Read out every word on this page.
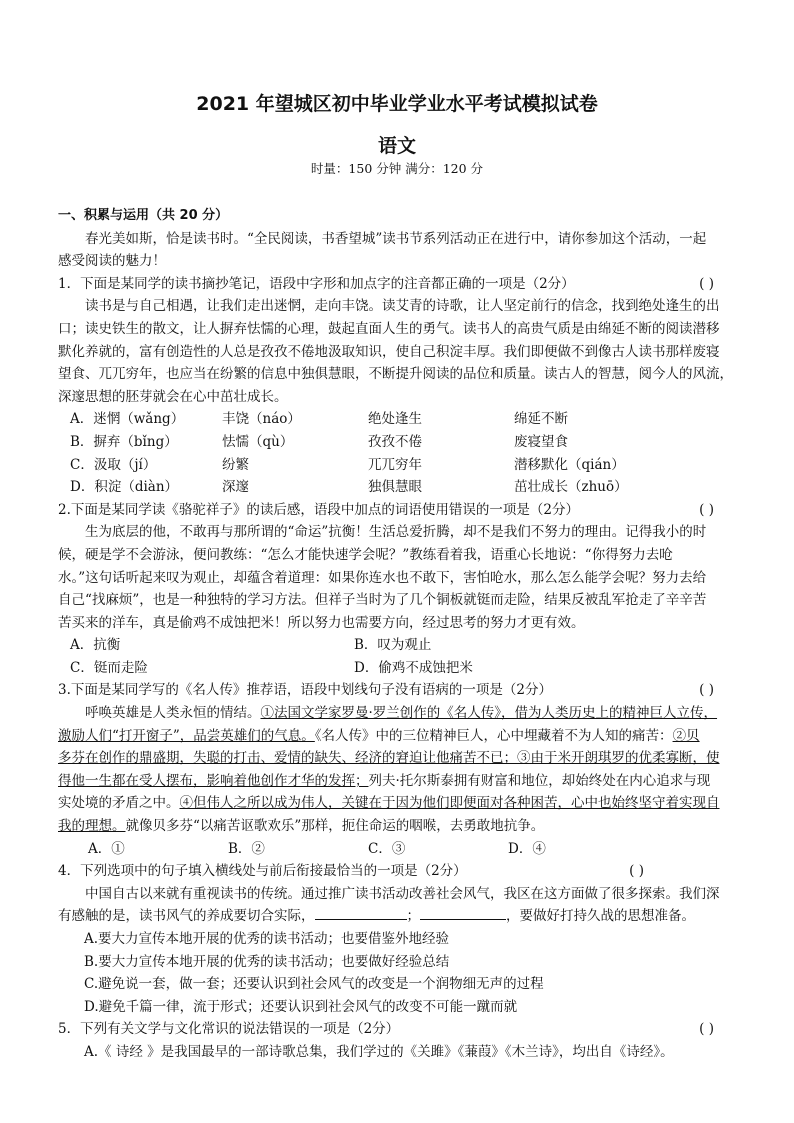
2021 年望城区初中毕业学业水平考试模拟试卷
语文
时量：150 分钟 满分：120 分
一、积累与运用（共 20 分）
春光美如斯，恰是读书时。“全民阅读，书香望城”读书节系列活动正在进行中，请你参加这个活动，一起
感受阅读的魅力！
1．下面是某同学的读书摘抄笔记，语段中字形和加点字的注音都正确的一项是（2分）	( )
读书是与自己相遇，让我们走出迷惘，走向丰饶。读艾青的诗歌，让人坚定前行的信念，找到绝处逢生的出
口；读史铁生的散文，让人摒弃怯懦的心理，鼓起直面人生的勇气。读书人的高贵气质是由绵延不断的阅读潜移
默化养就的，富有创造性的人总是孜孜不倦地汲取知识，使自己积淀丰厚。我们即便做不到像古人读书那样废寝
望食、兀兀穷年，也应当在纷繁的信息中独俱慧眼，不断提升阅读的品位和质量。读古人的智慧，阅今人的风流，
深邃思想的胚芽就会在心中茁壮成长。
A．迷惘（wǎng）	丰饶（náo）	绝处逢生	绵延不断
B．摒弃（bǐng）	怯懦（qù）	孜孜不倦	废寝望食
C．汲取（jí）	纷繁	兀兀穷年	潜移默化（qián）
D．积淀（diàn）	深邃	独俱慧眼	茁壮成长（zhuō）
2.下面是某同学读《骆驼祥子》的读后感，语段中加点的词语使用错误的一项是（2分）	( )
生为底层的他，不敢再与那所谓的“命运”抗衡！生活总爱折腾，却不是我们不努力的理由。记得我小的时
候，硬是学不会游泳，便问教练：“怎么才能快速学会呢？”教练看着我，语重心长地说：“你得努力去呛
水。”这句话听起来叹为观止，却蕴含着道理：如果你连水也不敢下，害怕呛水，那么怎么能学会呢？努力去给
自己“找麻烦”，也是一种独特的学习方法。但祥子当时为了几个铜板就铤而走险，结果反被乱军抢走了辛辛苦
苦买来的洋车，真是偷鸡不成蚀把米！所以努力也需要方向，经过思考的努力才更有效。
A．抗衡	B．叹为观止
C．铤而走险	D．偷鸡不成蚀把米
3.下面是某同学写的《名人传》推荐语，语段中划线句子没有语病的一项是（2分）	( )
呼唤英雄是人类永恒的情结。①法国文学家罗曼·罗兰创作的《名人传》，借为人类历史上的精神巨人立传，
激励人们“打开窗子”，品尝英雄们的气息。《名人传》中的三位精神巨人，心中埋藏着不为人知的痛苦：②贝
多芬在创作的鼎盛期，失聪的打击、爱情的缺失、经济的窘迫让他痛苦不已；③由于米开朗琪罗的优柔寡断，使
得他一生都在受人摆布，影响着他创作才华的发挥；列夫·托尔斯泰拥有财富和地位，却始终处在内心追求与现
实处境的矛盾之中。④但伟人之所以成为伟人，关键在于因为他们即便面对各种困苦，心中也始终坚守着实现自
我的理想。就像贝多芬“以痛苦讴歌欢乐”那样，扼住命运的咽喉，去勇敢地抗争。
A．①	B．②	C．③	D．④
4．下列选项中的句子填入横线处与前后衔接最恰当的一项是（2分）	( )
中国自古以来就有重视读书的传统。通过推广读书活动改善社会风气，我区在这方面做了很多探索。我们深
有感触的是，读书风气的养成要切合实际，	；	，要做好打持久战的思想准备。
A.要大力宣传本地开展的优秀的读书活动；也要借鉴外地经验
B.要大力宣传本地开展的优秀的读书活动；也要做好经验总结
C.避免说一套，做一套；还要认识到社会风气的改变是一个润物细无声的过程
D.避免千篇一律，流于形式；还要认识到社会风气的改变不可能一蹴而就
5．下列有关文学与文化常识的说法错误的一项是（2分）	( )
A.《 诗经 》是我国最早的一部诗歌总集，我们学过的《关雎》《蒹葭》《木兰诗》，均出自《诗经》。
